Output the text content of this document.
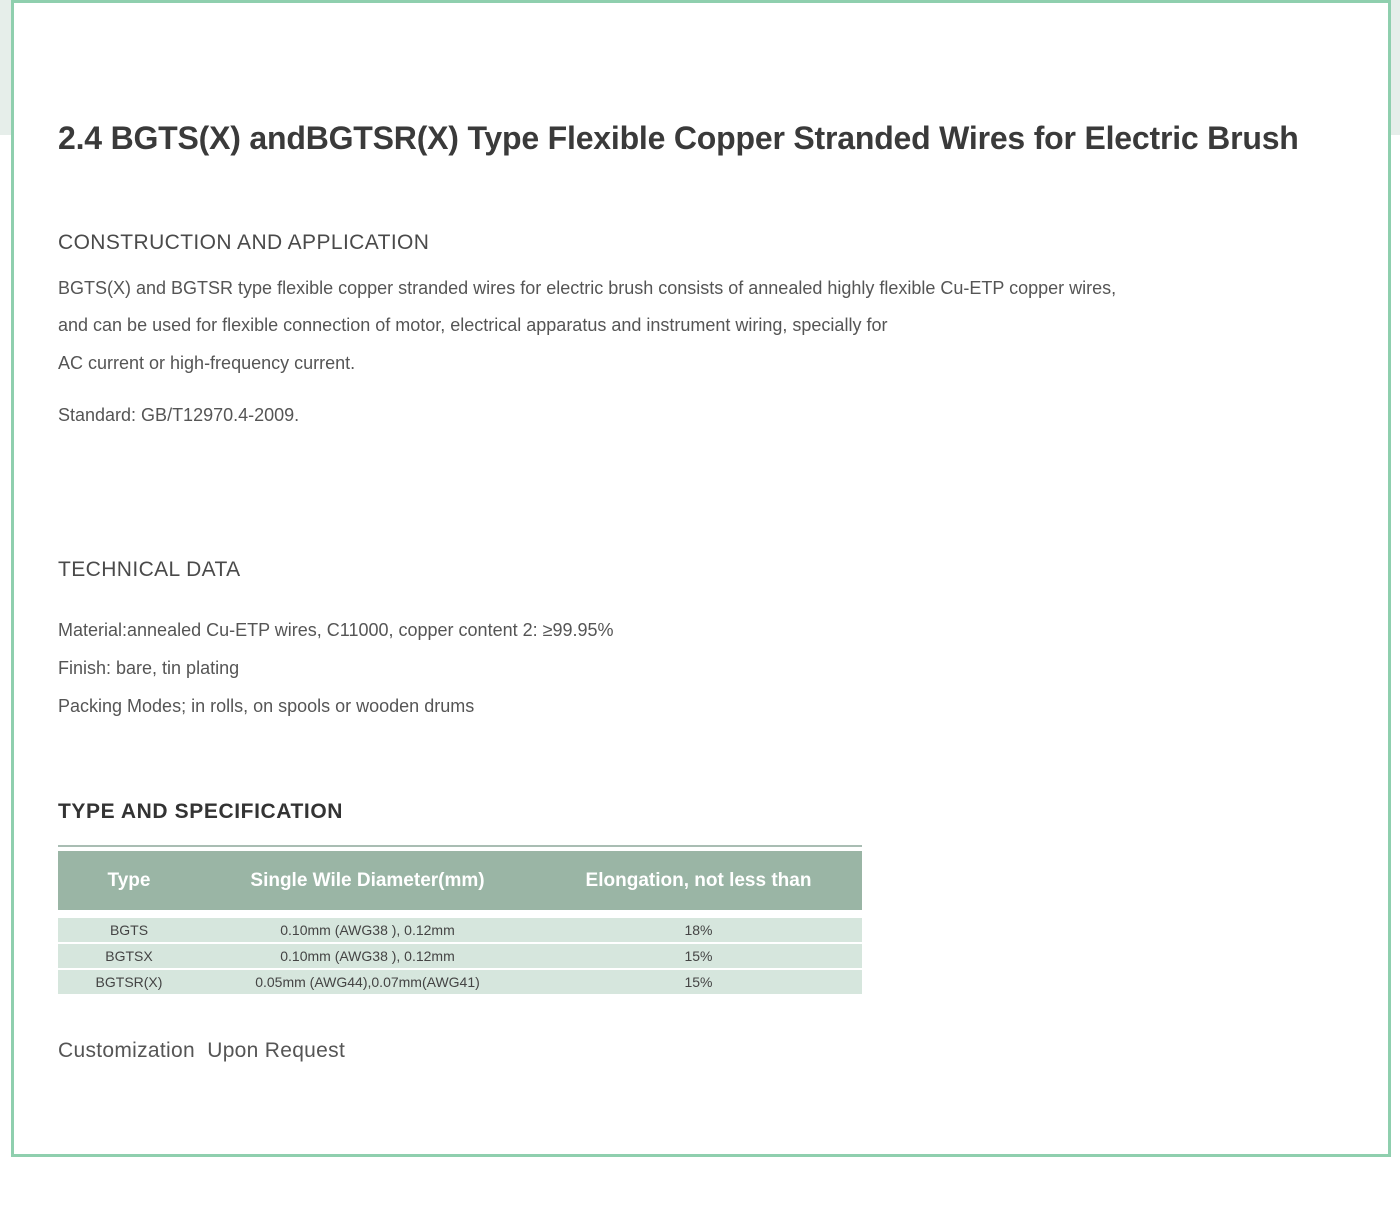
2.4 BGTS(X) andBGTSR(X) Type Flexible Copper Stranded Wires for Electric Brush
CONSTRUCTION AND APPLICATION

BGTS(X) and BGTSR type flexible copper stranded wires for electric brush consists of annealed highly flexible Cu-ETP copper wires,

and can be used for flexible connection of motor, electrical apparatus and instrument wiring, specially for

AC current or high-frequency current.

Standard: GB/T12970.4-2009.

TECHNICAL DATA

Material:annealed Cu-ETP wires, C11000, copper content 2: ≥99.95%

Finish: bare, tin plating

Packing Modes; in rolls, on spools or wooden drums

TYPE AND SPECIFICATION
Type	Single Wile Diameter(mm)	Elongation, not less than
BGTS	0.10mm (AWG38 ), 0.12mm	18%
BGTSX	0.10mm (AWG38 ), 0.12mm	15%
BGTSR(X)	0.05mm (AWG44),0.07mm(AWG41)	15%

Customization  Upon Request
